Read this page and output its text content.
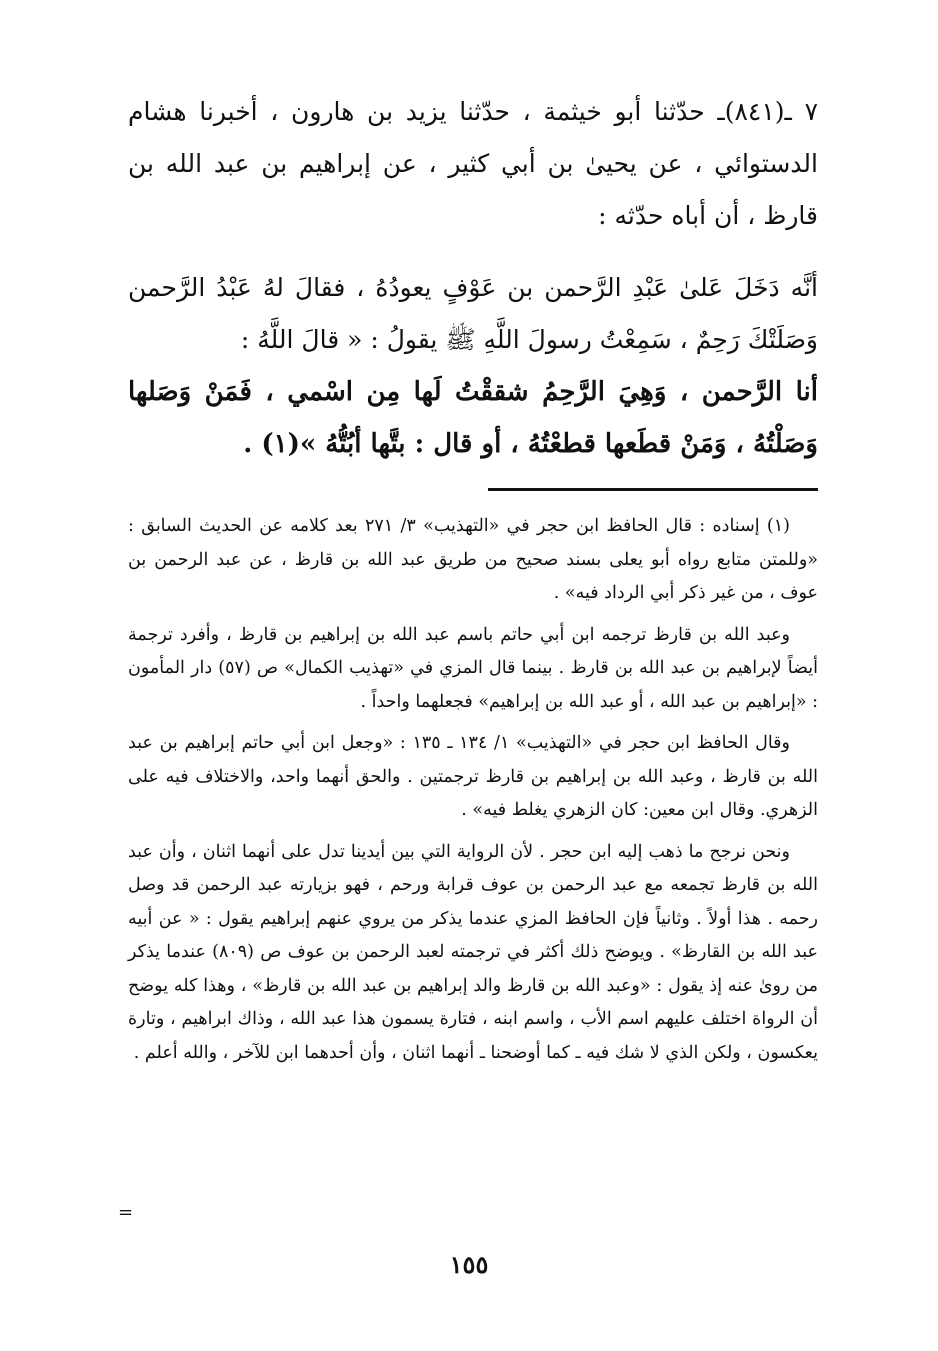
٧ ـ(٨٤١)ـ حدّثنا أبو خيثمة ، حدّثنا يزيد بن هارون ، أخبرنا هشام الدستوائي ، عن يحيىٰ بن أبي كثير ، عن إبراهيم بن عبد الله بن قارظ ، أن أباه حدّثه :

أنَّه دَخَلَ عَلىٰ عَبْدِ الرَّحمن بن عَوْفٍ يعودُهُ ، فقالَ لهُ عَبْدُ الرَّحمن وَصَلَتْكَ رَحِمٌ ، سَمِعْتُ رسولَ اللَّهِ ﷺ يقولُ : « قالَ اللَّهُ :

أنا الرَّحمن ، وَهِيَ الرَّحِمُ شققْتُ لَها مِن اسْمي ، فَمَنْ وَصَلها وَصَلْتُهُ ، وَمَنْ قطَعها قطعْتُهُ ، أو قال : بتَّها أبُتُّهُ »(١) .

(١) إسناده : قال الحافظ ابن حجر في «التهذيب» ٣/ ٢٧١ بعد كلامه عن الحديث السابق : «وللمتن متابع رواه أبو يعلى بسند صحيح من طريق عبد الله بن قارظ ، عن عبد الرحمن بن عوف ، من غير ذكر أبي الرداد فيه» .

وعبد الله بن قارظ ترجمه ابن أبي حاتم باسم عبد الله بن إبراهيم بن قارظ ، وأفرد ترجمة أيضاً لإبراهيم بن عبد الله بن قارظ . بينما قال المزي في «تهذيب الكمال» ص (٥٧) دار المأمون : «إبراهيم بن عبد الله ، أو عبد الله بن إبراهيم» فجعلهما واحداً .

وقال الحافظ ابن حجر في «التهذيب» ١/ ١٣٤ ـ ١٣٥ : «وجعل ابن أبي حاتم إبراهيم بن عبد الله بن قارظ ، وعبد الله بن إبراهيم بن قارظ ترجمتين . والحق أنهما واحد، والاختلاف فيه على الزهري. وقال ابن معين: كان الزهري يغلط فيه» .

ونحن نرجح ما ذهب إليه ابن حجر . لأن الرواية التي بين أيدينا تدل على أنهما اثنان ، وأن عبد الله بن قارظ تجمعه مع عبد الرحمن بن عوف قرابة ورحم ، فهو بزيارته عبد الرحمن قد وصل رحمه . هذا أولاً . وثانياً فإن الحافظ المزي عندما يذكر من يروي عنهم إبراهيم يقول : « عن أبيه عبد الله بن القارظ» . ويوضح ذلك أكثر في ترجمته لعبد الرحمن بن عوف ص (٨٠٩) عندما يذكر من روىٰ عنه إذ يقول : «وعبد الله بن قارظ والد إبراهيم بن عبد الله بن قارظ» ، وهذا كله يوضح أن الرواة اختلف عليهم اسم الأب ، واسم ابنه ، فتارة يسمون هذا عبد الله ، وذاك ابراهيم ، وتارة يعكسون ، ولكن الذي لا شك فيه ـ كما أوضحنا ـ أنهما اثنان ، وأن أحدهما ابن للآخر ، والله أعلم .

=
١٥٥
